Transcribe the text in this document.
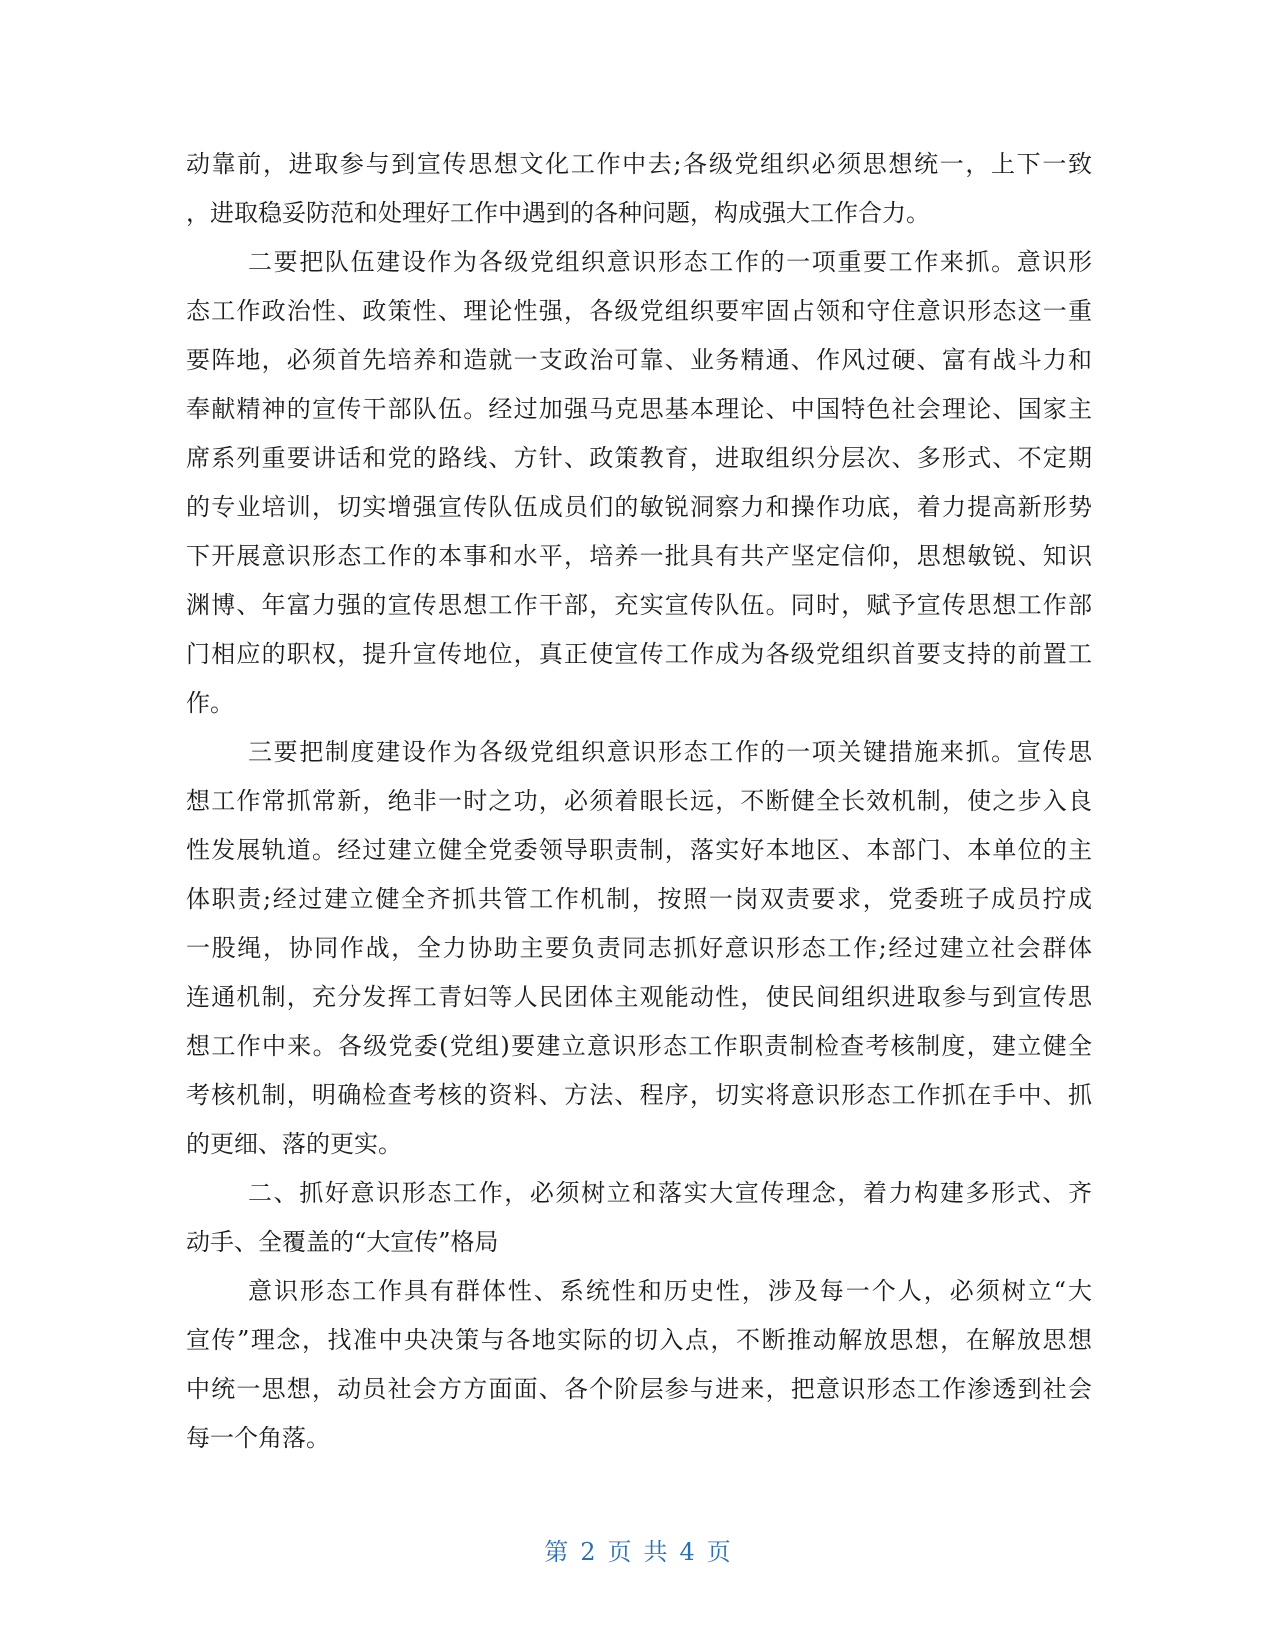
动靠前，进取参与到宣传思想文化工作中去;各级党组织必须思想统一，上下一致
，进取稳妥防范和处理好工作中遇到的各种问题，构成强大工作合力。
二要把队伍建设作为各级党组织意识形态工作的一项重要工作来抓。意识形
态工作政治性、政策性、理论性强，各级党组织要牢固占领和守住意识形态这一重
要阵地，必须首先培养和造就一支政治可靠、业务精通、作风过硬、富有战斗力和
奉献精神的宣传干部队伍。经过加强马克思基本理论、中国特色社会理论、国家主
席系列重要讲话和党的路线、方针、政策教育，进取组织分层次、多形式、不定期
的专业培训，切实增强宣传队伍成员们的敏锐洞察力和操作功底，着力提高新形势
下开展意识形态工作的本事和水平，培养一批具有共产坚定信仰，思想敏锐、知识
渊博、年富力强的宣传思想工作干部，充实宣传队伍。同时，赋予宣传思想工作部
门相应的职权，提升宣传地位，真正使宣传工作成为各级党组织首要支持的前置工
作。
三要把制度建设作为各级党组织意识形态工作的一项关键措施来抓。宣传思
想工作常抓常新，绝非一时之功，必须着眼长远，不断健全长效机制，使之步入良
性发展轨道。经过建立健全党委领导职责制，落实好本地区、本部门、本单位的主
体职责;经过建立健全齐抓共管工作机制，按照一岗双责要求，党委班子成员拧成
一股绳，协同作战，全力协助主要负责同志抓好意识形态工作;经过建立社会群体
连通机制，充分发挥工青妇等人民团体主观能动性，使民间组织进取参与到宣传思
想工作中来。各级党委(党组)要建立意识形态工作职责制检查考核制度，建立健全
考核机制，明确检查考核的资料、方法、程序，切实将意识形态工作抓在手中、抓
的更细、落的更实。
二、抓好意识形态工作，必须树立和落实大宣传理念，着力构建多形式、齐
动手、全覆盖的“大宣传”格局
意识形态工作具有群体性、系统性和历史性，涉及每一个人，必须树立“大
宣传”理念，找准中央决策与各地实际的切入点，不断推动解放思想，在解放思想
中统一思想，动员社会方方面面、各个阶层参与进来，把意识形态工作渗透到社会
每一个角落。
第 2 页 共 4 页
